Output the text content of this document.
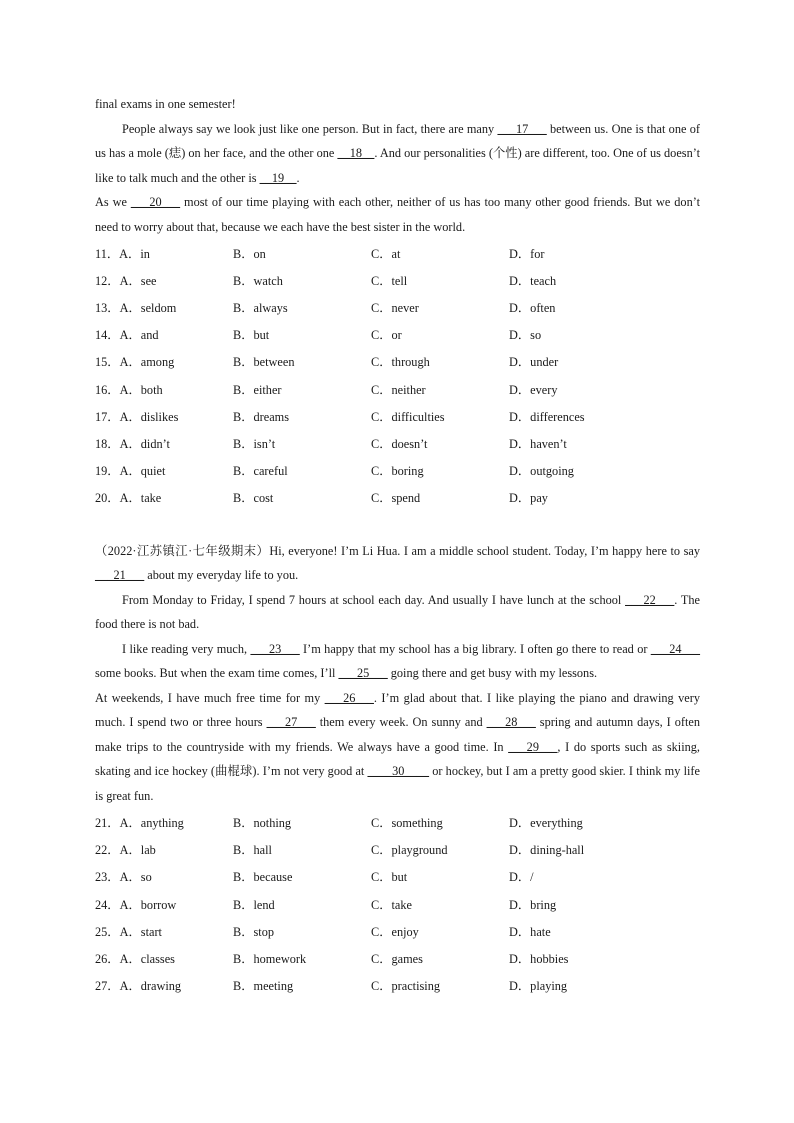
final exams in one semester!

People always say we look just like one person. But in fact, there are many ___17___ between us. One is that one of us has a mole (痣) on her face, and the other one __18__. And our personalities (个性) are different, too. One of us doesn’t like to talk much and the other is __19__.

As we ___20___ most of our time playing with each other, neither of us has too many other good friends. But we don’t need to worry about that, because we each have the best sister in the world.

11．A．in	B．on	C．at	D．for
12．A．see	B．watch	C．tell	D．teach
13．A．seldom	B．always	C．never	D．often
14．A．and	B．but	C．or	D．so
15．A．among	B．between	C．through	D．under
16．A．both	B．either	C．neither	D．every
17．A．dislikes	B．dreams	C．difficulties	D．differences
18．A．didn’t	B．isn’t	C．doesn’t	D．haven’t
19．A．quiet	B．careful	C．boring	D．outgoing
20．A．take	B．cost	C．spend	D．pay

（2022·江苏镇江·七年级期末）Hi, everyone! I’m Li Hua. I am a middle school student. Today, I’m happy here to say ___21___ about my everyday life to you.

From Monday to Friday, I spend 7 hours at school each day. And usually I have lunch at the school ___22___. The food there is not bad.

I like reading very much, ___23___ I’m happy that my school has a big library. I often go there to read or ___24___ some books. But when the exam time comes, I’ll ___25___ going there and get busy with my lessons.

At weekends, I have much free time for my ___26___. I’m glad about that. I like playing the piano and drawing very much. I spend two or three hours ___27___ them every week. On sunny and ___28___ spring and autumn days, I often make trips to the countryside with my friends. We always have a good time. In ___29___, I do sports such as skiing, skating and ice hockey (曲棍球). I’m not very good at ____30____ or hockey, but I am a pretty good skier. I think my life is great fun.

21．A．anything	B．nothing	C．something	D．everything
22．A．lab	B．hall	C．playground	D．dining-hall
23．A．so	B．because	C．but	D．/
24．A．borrow	B．lend	C．take	D．bring
25．A．start	B．stop	C．enjoy	D．hate
26．A．classes	B．homework	C．games	D．hobbies
27．A．drawing	B．meeting	C．practising	D．playing
